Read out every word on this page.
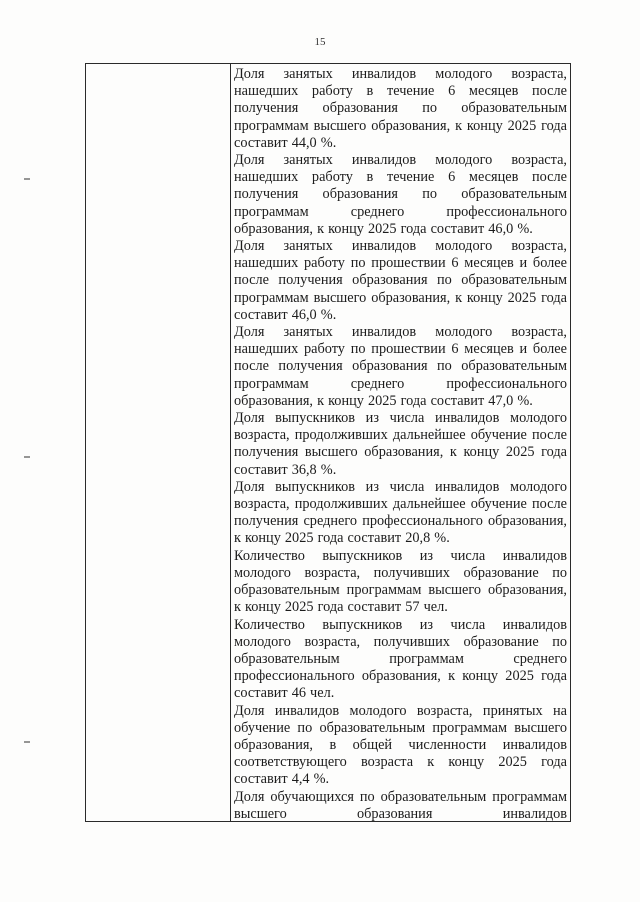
15

Доля занятых инвалидов молодого возраста, нашедших работу в течение 6 месяцев после получения образования по образовательным программам высшего образования, к концу 2025 года составит 44,0 %.

Доля занятых инвалидов молодого возраста, нашедших работу в течение 6 месяцев после получения образования по образовательным программам среднего профессионального образования, к концу 2025 года составит 46,0 %.

Доля занятых инвалидов молодого возраста, нашедших работу по прошествии 6 месяцев и более после получения образования по образовательным программам высшего образования, к концу 2025 года составит 46,0 %.

Доля занятых инвалидов молодого возраста, нашедших работу по прошествии 6 месяцев и более после получения образования по образовательным программам среднего профессионального образования, к концу 2025 года составит 47,0 %.

Доля выпускников из числа инвалидов молодого возраста, продолживших дальнейшее обучение после получения высшего образования, к концу 2025 года составит 36,8 %.

Доля выпускников из числа инвалидов молодого возраста, продолживших дальнейшее обучение после получения среднего профессионального образования, к концу 2025 года составит 20,8 %.

Количество выпускников из числа инвалидов молодого возраста, получивших образование по образовательным программам высшего образования, к концу 2025 года составит 57 чел.

Количество выпускников из числа инвалидов молодого возраста, получивших образование по образовательным программам среднего профессионального образования, к концу 2025 года составит 46 чел.

Доля инвалидов молодого возраста, принятых на обучение по образовательным программам высшего образования, в общей численности инвалидов соответствующего возраста к концу 2025 года составит 4,4 %.

Доля обучающихся по образовательным программам высшего образования инвалидов
